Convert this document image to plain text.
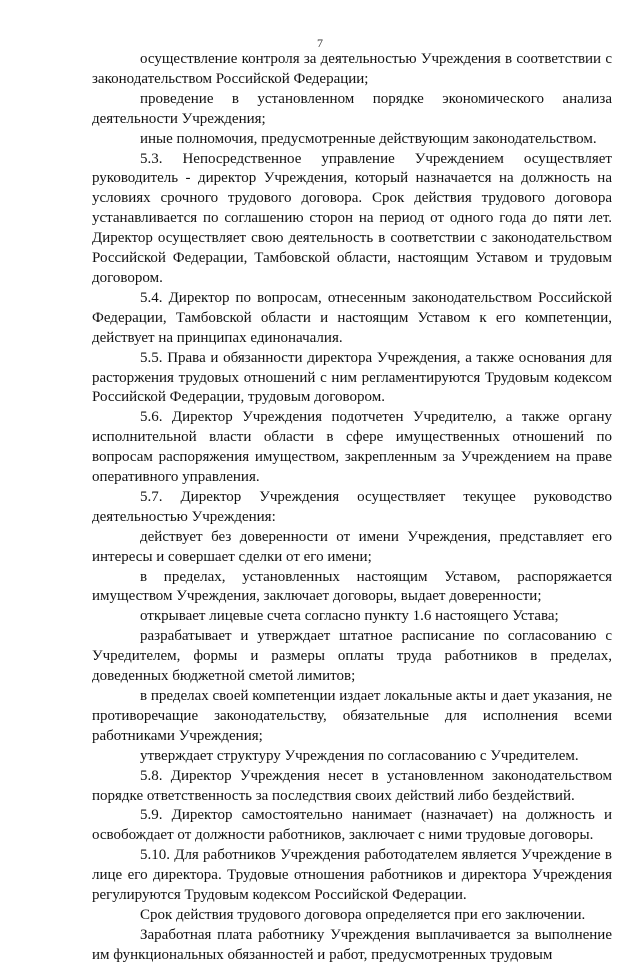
7

осуществление контроля за деятельностью Учреждения в соответствии с законодательством Российской Федерации;

проведение в установленном порядке экономического анализа деятельности Учреждения;

иные полномочия, предусмотренные действующим законодательством.

5.3. Непосредственное управление Учреждением осуществляет руководитель - директор Учреждения, который назначается на должность на условиях срочного трудового договора. Срок действия трудового договора устанавливается по соглашению сторон на период от одного года до пяти лет. Директор осуществляет свою деятельность в соответствии с законодательством Российской Федерации, Тамбовской области, настоящим Уставом и трудовым договором.

5.4. Директор по вопросам, отнесенным законодательством Российской Федерации, Тамбовской области и настоящим Уставом к его компетенции, действует на принципах единоначалия.

5.5. Права и обязанности директора Учреждения, а также основания для расторжения трудовых отношений с ним регламентируются Трудовым кодексом Российской Федерации, трудовым договором.

5.6. Директор Учреждения подотчетен Учредителю, а также органу исполнительной власти области в сфере имущественных отношений по вопросам распоряжения имуществом, закрепленным за Учреждением на праве оперативного управления.

5.7. Директор Учреждения осуществляет текущее руководство деятельностью Учреждения:

действует без доверенности от имени Учреждения, представляет его интересы и совершает сделки от его имени;

в пределах, установленных настоящим Уставом, распоряжается имуществом Учреждения, заключает договоры, выдает доверенности;

открывает лицевые счета согласно пункту 1.6 настоящего Устава;

разрабатывает и утверждает штатное расписание по согласованию с Учредителем, формы и размеры оплаты труда работников в пределах, доведенных бюджетной сметой лимитов;

в пределах своей компетенции издает локальные акты и дает указания, не противоречащие законодательству, обязательные для исполнения всеми работниками Учреждения;

утверждает структуру Учреждения по согласованию с Учредителем.

5.8. Директор Учреждения несет в установленном законодательством порядке ответственность за последствия своих действий либо бездействий.

5.9. Директор самостоятельно нанимает (назначает) на должность и освобождает от должности работников, заключает с ними трудовые договоры.

5.10. Для работников Учреждения работодателем является Учреждение в лице его директора. Трудовые отношения работников и директора Учреждения регулируются Трудовым кодексом Российской Федерации.

Срок действия трудового договора определяется при его заключении.

Заработная плата работнику Учреждения выплачивается за выполнение им функциональных обязанностей и работ, предусмотренных трудовым
